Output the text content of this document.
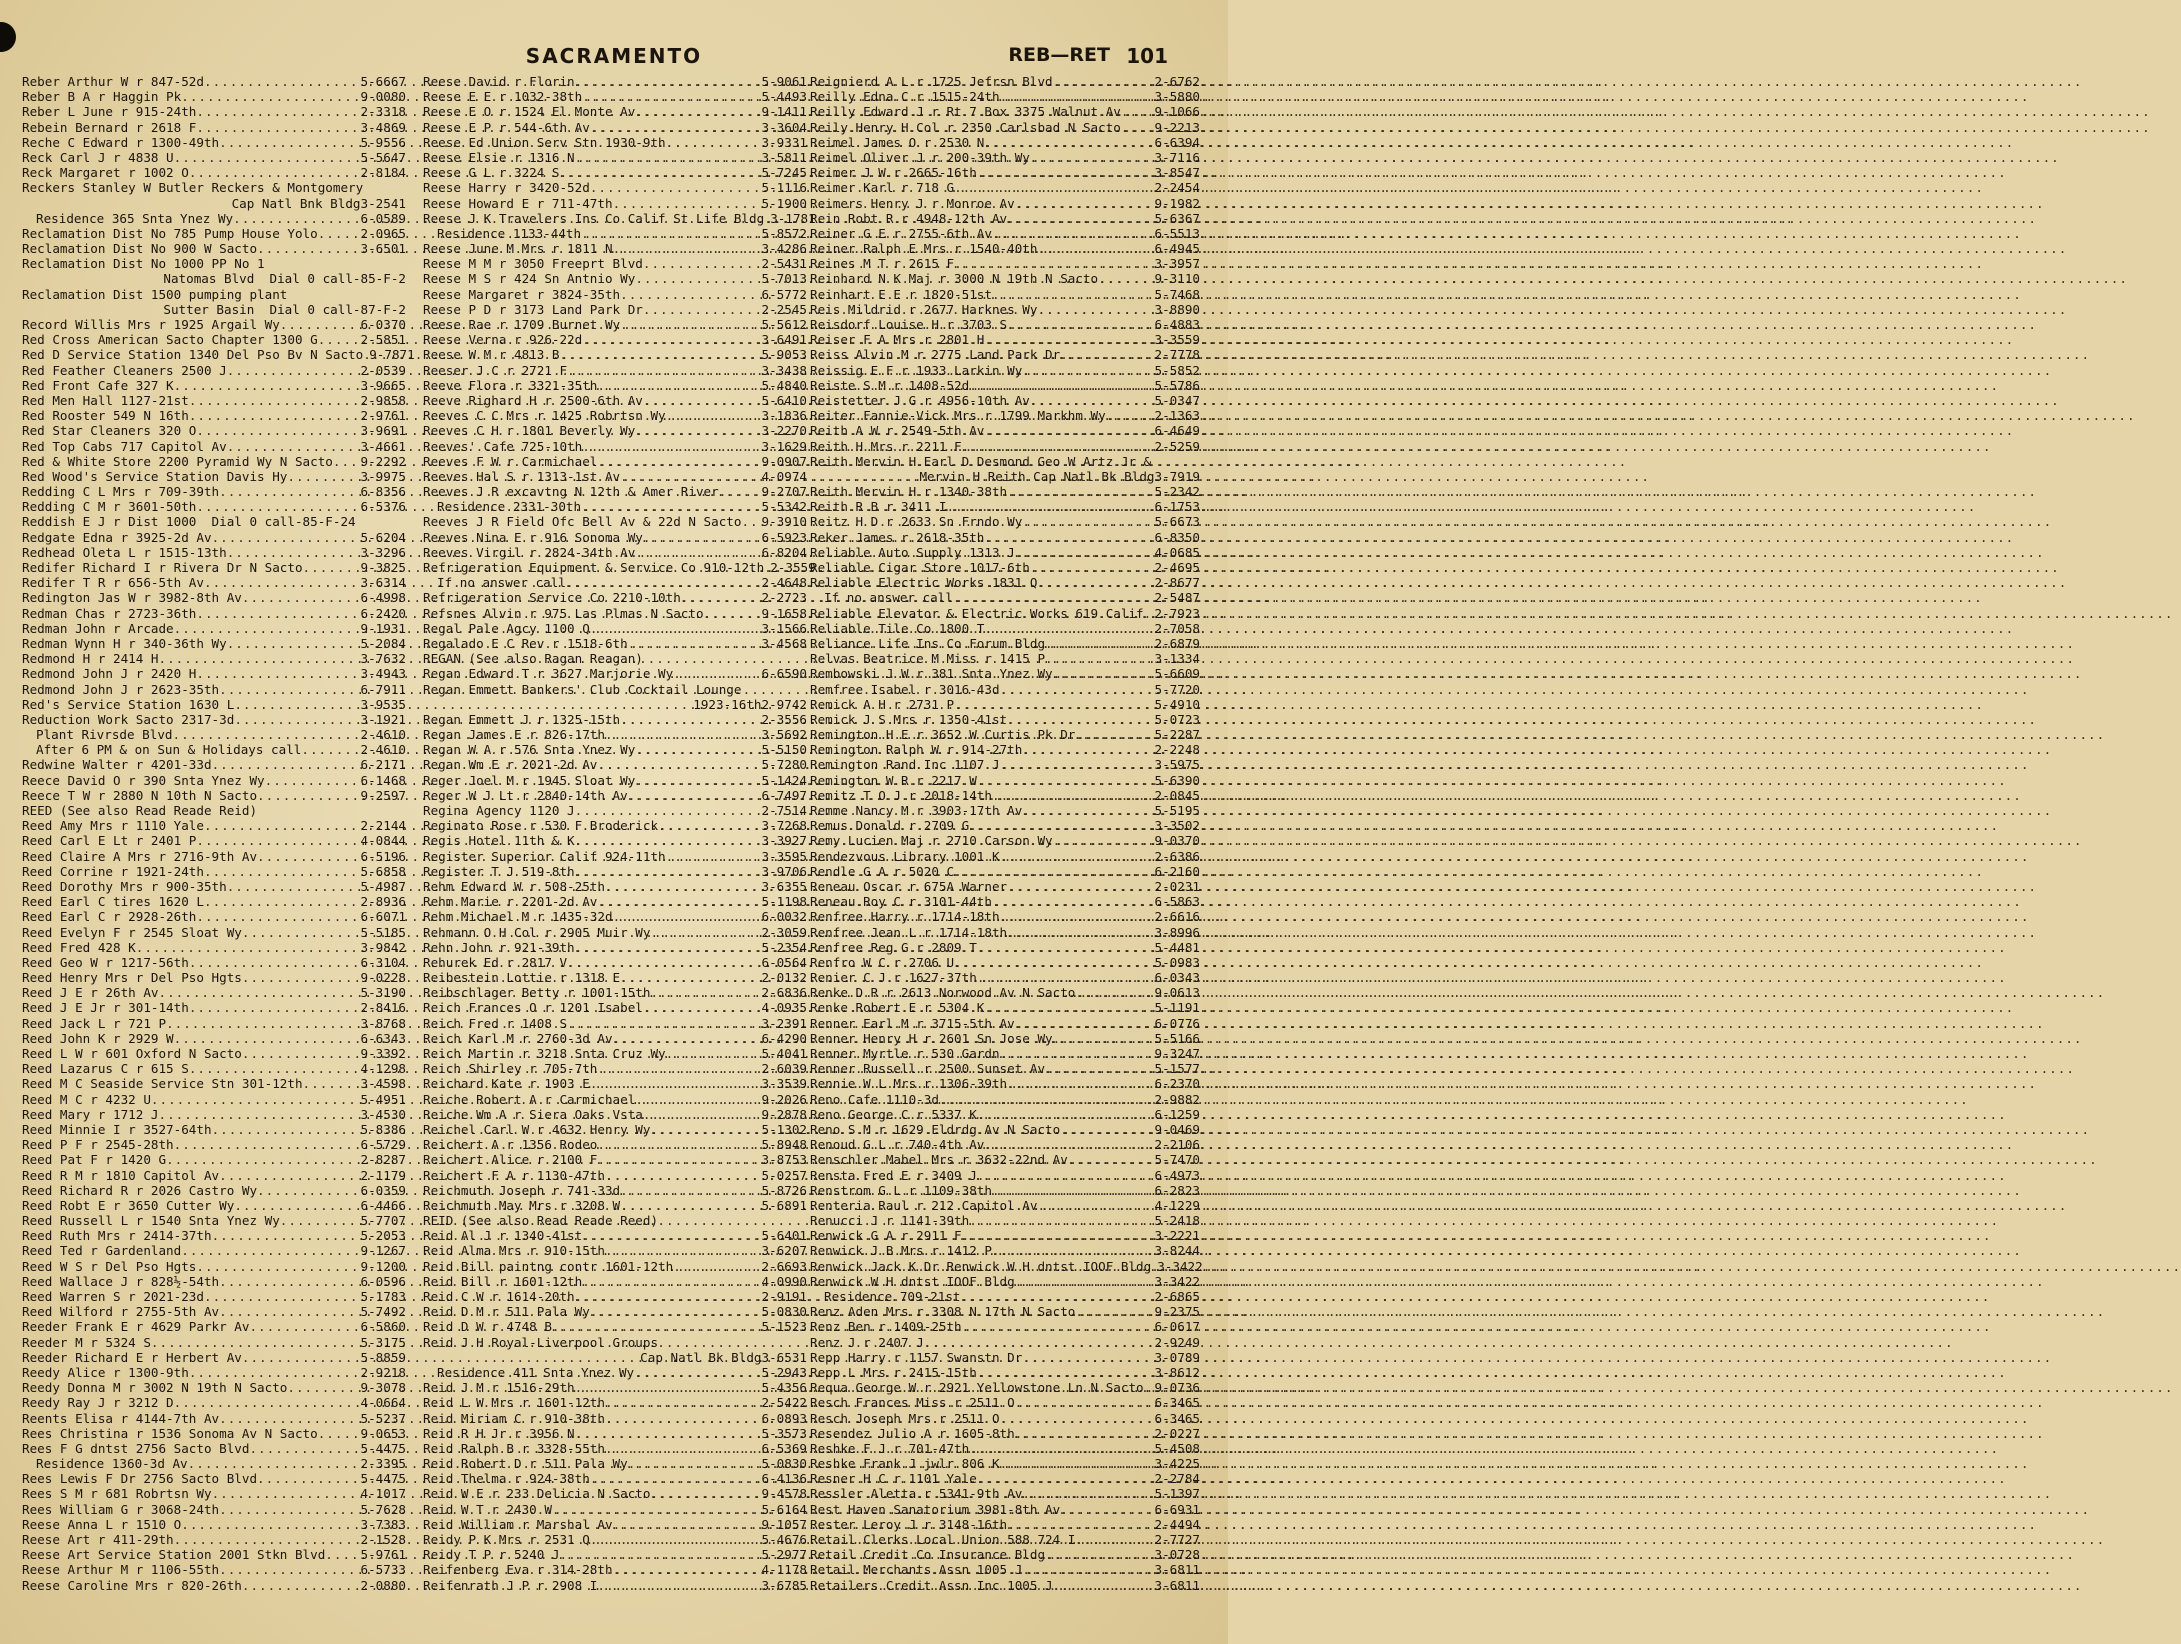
SACRAMENTO	REB—RET 101
Reber Arthur W r 847-52d .....	5-6667
Reber B A r Haggin Pk .....	9-0080
Reber L June r 915-24th .....	2-3318
Rebein Bernard r 2618 F .....	3-4869
Reche C Edward r 1300-49th .....	5-9556
Reck Carl J r 4838 U .....	5-5647
Reck Margaret r 1002 O .....	2-8184
Reckers Stanley W Butler Reckers & Montgomery
Cap Natl Bnk Bldg 3-2541
Residence 365 Snta Ynez Wy .....	6-0589
Reclamation Dist No 785 Pump House Yolo .....	2-0965
Reclamation Dist No 900 W Sacto .....	3-6501
Reclamation Dist No 1000 PP No 1
Natomas Blvd  Dial 0 call-85-F-2
Reclamation Dist 1500 pumping plant
Sutter Basin  Dial 0 call-87-F-2
Record Willis Mrs r 1925 Argail Wy .....	6-0370
Red Cross American Sacto Chapter 1300 G .....	2-5851
Red D Service Station 1340 Del Pso Bv N Sacto ..... 9-7871
Red Feather Cleaners 2500 J .....	2-0539
Red Front Cafe 327 K .....	3-9665
Red Men Hall 1127-21st .....	2-9858
Red Rooster 549 N 16th .....	2-9761
Red Star Cleaners 320 O .....	3-9691
Red Top Cabs 717 Capitol Av .....	3-4661
Red & White Store 2200 Pyramid Wy N Sacto ..... 9-2292
Red Wood's Service Station Davis Hy .....	3-9975
Redding C L Mrs r 709-39th .....	6-8356
Redding C M r 3601-50th .....	6-5376
Reddish E J r Dist 1000  Dial 0 call-85-F-24
Redgate Edna r 3925-2d Av .....	5-6204
Redhead Oleta L r 1515-13th .....	3-3296
Redifer Richard I r Rivera Dr N Sacto .....	9-3825
Redifer T R r 656-5th Av .....	3-6314
Redington Jas W r 3982-8th Av .....	6-4998
Redman Chas r 2723-36th .....	6-2420
Redman John r Arcade .....	9-1931
Redman Wynn H r 340-36th Wy .....	5-2084
Redmond H r 2414 H .....	3-7632
Redmond John J r 2420 H .....	3-4943
Redmond John J r 2623-35th .....	6-7911
Red's Service Station 1630 L .....	3-9535
Reduction Work Sacto 2317-3d .....	3-1921
Plant Rivrsde Blvd .....	2-4610
After 6 PM & on Sun & Holidays call .....	2-4610
Redwine Walter r 4201-33d .....	6-2171
Reece David O r 390 Snta Ynez Wy .....	6-1468
Reece T W r 2880 N 10th N Sacto .....	9-2597
REED (See also Read Reade Reid)
Reed Amy Mrs r 1110 Yale .....	2-2144
Reed Carl E Lt r 2401 P .....	4-0844
Reed Claire A Mrs r 2716-9th Av .....	6-5196
Reed Corrine r 1921-24th .....	5-6858
Reed Dorothy Mrs r 900-35th .....	5-4987
Reed Earl C tires 1620 L .....	2-8936
Reed Earl C r 2928-26th .....	6-6071
Reed Evelyn F r 2545 Sloat Wy .....	5-5185
Reed Fred 428 K .....	3-9842
Reed Geo W r 1217-56th .....	6-3104
Reed Henry Mrs r Del Pso Hgts .....	9-0228
Reed J E r 26th Av .....	5-3190
Reed J E Jr r 301-14th .....	2-8416
Reed Jack L r 721 P .....	3-8768
Reed John K r 2929 W .....	6-6343
Reed L W r 601 Oxford N Sacto .....	9-3392
Reed Lazarus C r 615 S .....	4-1298
Reed M C Seaside Service Stn 301-12th .....	3-4598
Reed M C r 4232 U .....	5-4951
Reed Mary r 1712 J .....	3-4530
Reed Minnie I r 3527-64th .....	5-8386
Reed P F r 2545-28th .....	6-5729
Reed Pat F r 1420 G .....	2-8287
Reed R M r 1810 Capitol Av .....	2-1179
Reed Richard R r 2026 Castro Wy .....	6-0359
Reed Robt E r 3650 Cutter Wy .....	6-4466
Reed Russell L r 1540 Snta Ynez Wy .....	5-7707
Reed Ruth Mrs r 2414-37th .....	5-2053
Reed Ted r Gardenland .....	9-1267
Reed W S r Del Pso Hgts .....	9-1200
Reed Wallace J r 828½-54th .....	6-0596
Reed Warren S r 2021-23d .....	5-1783
Reed Wilford r 2755-5th Av .....	5-7492
Reeder Frank E r 4629 Parkr Av .....	6-5860
Reeder M r 5324 S .....	5-3175
Reeder Richard E r Herbert Av .....	5-8859
Reedy Alice r 1300-9th .....	2-9218
Reedy Donna M r 3002 N 19th N Sacto .....	9-3078
Reedy Ray J r 3212 D .....	4-0664
Reents Elisa r 4144-7th Av .....	5-5237
Rees Christina r 1536 Sonoma Av N Sacto .....	9-0653
Rees F G dntst 2756 Sacto Blvd .....	5-4475
Residence 1360-3d Av .....	2-3395
Rees Lewis F Dr 2756 Sacto Blvd .....	5-4475
Rees S M r 681 Robrtsn Wy .....	4-1017
Rees William G r 3068-24th .....	5-7628
Reese Anna L r 1510 O .....	3-7383
Reese Art r 411-29th .....	2-1528
Reese Art Service Station 2001 Stkn Blvd .....	5-9761
Reese Arthur M r 1106-55th .....	6-5733
Reese Caroline Mrs r 820-26th .....	2-0880
Reese David r Florin .....	5-9061
Reese E E r 1032-38th .....	5-4493
Reese E O r 1524 El Monte Av .....	9-1411
Reese E P r 544-6th Av .....	3-3604
Reese Ed Union Serv Stn 1930-9th .....	3-9331
Reese Elsie r 1316 N .....	3-5811
Reese G L r 3224 S .....	5-7245
Reese Harry r 3420-52d .....	5-1116
Reese Howard E r 711-47th .....	5-1900
Reese J K Travelers Ins Co Calif St Life Bldg ..... 3-1781
Residence 1133-44th .....	5-8572
Reese June M Mrs r 1811 N .....	3-4286
Reese M M r 3050 Freeprt Blvd .....	2-5431
Reese M S r 424 Sn Antnio Wy .....	5-7013
Reese Margaret r 3824-35th .....	6-5772
Reese P D r 3173 Land Park Dr .....	2-2545
Reese Rae r 1709 Burnet Wy .....	5-5612
Reese Verna r 926-22d .....	3-6491
Reese W M r 4813 B .....	5-9053
Reeser J C r 2721 F .....	3-3438
Reeve Flora r 3321-35th .....	5-4840
Reeve Righard H r 2500-6th Av .....	5-6410
Reeves C C Mrs r 1425 Robrtsn Wy .....	3-1836
Reeves C H r 1801 Beverly Wy .....	3-2270
Reeves' Cafe 725-10th .....	3-1629
Reeves F W r Carmichael .....	9-0907
Reeves Hal S r 1313-1st Av .....	4-0974
Reeves J R excavtng N 12th & Amer River .....	9-2707
Residence 2331-30th .....	5-5342
Reeves J R Field Ofc Bell Av & 22d N Sacto ..... 9-3910
Reeves Nina E r 916 Sonoma Wy .....	6-5923
Reeves Virgil r 2824-34th Av .....	6-8204
Refrigeration Equipment & Service Co 910-12th ..... 2-3559
If no answer call .....	2-4648
Refrigeration Service Co 2210-10th .....	2-2723
Refsnes Alvin r 975 Las Plmas N Sacto .....	9-1658
Regal Pale Agcy 1100 Q .....	3-1566
Regalado E C Rev r 1518-6th .....	3-4568
REGAN (See also Ragan Reagan)
Regan Edward T r 3627 Marjorie Wy .....	6-6590
Regan Emmett Bankers' Club Cocktail Lounge
1923-16th 2-9742
Regan Emmett J r 1325-15th .....	2-3556
Regan James E r 826-17th .....	3-5692
Regan W A r 576 Snta Ynez Wy .....	5-5150
Regan Wm E r 2021-2d Av .....	5-7280
Reger Joel M r 1945 Sloat Wy .....	5-1424
Reger W J Lt r 2840-14th Av .....	6-7497
Regina Agency 1120 J .....	2-7514
Reginato Rose r 530 F Broderick .....	3-7268
Regis Hotel 11th & K .....	3-3927
Register Superior Calif 924-11th .....	3-3595
Register T J 519-8th .....	3-9706
Rehm Edward W r 508-25th .....	3-6355
Rehm Marie r 2201-2d Av .....	5-1198
Rehm Michael M r 1435-32d .....	6-0032
Rehmann O H Col r 2905 Muir Wy .....	2-3059
Rehn John r 921-39th .....	5-2354
Rehurek Ed r 2817 V .....	6-0564
Reibestein Lottie r 1318 E .....	2-0132
Reibschlager Betty r 1001-15th .....	2-6836
Reich Frances O r 1201 Isabel .....	4-0935
Reich Fred r 1408 S .....	3-2391
Reich Karl M r 2760-3d Av .....	6-4290
Reich Martin r 3218 Snta Cruz Wy .....	5-4041
Reich Shirley r 705-7th .....	2-6039
Reichard Kate r 1903 E .....	3-3539
Reiche Robert A r Carmichael .....	9-2026
Reiche Wm A r Siera Oaks Vsta .....	9-2878
Reichel Carl W r 4632 Henry Wy .....	5-1302
Reichert A r 1356 Rodeo .....	5-8948
Reichert Alice r 2100 F .....	3-8753
Reichert F A r 1130-47th .....	5-0257
Reichmuth Joseph r 741-33d .....	5-8726
Reichmuth May Mrs r 3208 W .....	5-6891
REID (See also Read Reade Reed)
Reid Al J r 1340-41st .....	5-6401
Reid Alma Mrs r 910-15th .....	3-6207
Reid Bill paintng contr 1601-12th .....	2-6693
Reid Bill r 1601-12th .....	4-0990
Reid C W r 1614-20th .....	2-9191
Reid D M r 511 Pala Wy .....	5-0830
Reid D W r 4748 B .....	5-1523
Reid J H Royal-Liverpool Groups
Cap Natl Bk Bldg 3-6531
Residence 411 Snta Ynez Wy .....	5-2943
Reid J M r 1516-29th .....	5-4356
Reid L W Mrs r 1601-12th .....	2-5422
Reid Miriam C r 910-38th .....	6-0893
Reid R H Jr r 3956 N .....	5-3573
Reid Ralph B r 3328-55th .....	6-5369
Reid Robert D r 511 Pala Wy .....	5-0830
Reid Thelma r 924-38th .....	6-4136
Reid W E r 233 Delicia N Sacto .....	9-4578
Reid W T r 2430 W .....	5-6164
Reid William r Marshal Av .....	9-1057
Reidy P K Mrs r 2531 Q .....	5-4676
Reidy T P r 5240 J .....	5-2977
Reifenberg Eva r 314-28th .....	4-1178
Reifenrath J P r 2908 I .....	3-6785
Reignierd A L r 1725 Jefrsn Blvd .....	2-6762
Reilly Edna C r 1515-24th .....	3-5880
Reilly Edward J r Rt 7 Box 3375 Walnut Av .....	9-1066
Reily Henry H Col r 2350 Carlsbad N Sacto .....	9-2213
Reimel James O r 2530 N .....	6-6394
Reimel Oliver J r 200-39th Wy .....	3-7116
Reimer J W r 2665-16th .....	3-8547
Reimer Karl r 718 G .....	2-2454
Reimers Henry J r Monroe Av .....	9-1982
Rein Robt R r 4948-12th Av .....	5-6367
Reiner G E r 2755-6th Av .....	6-5513
Reiner Ralph E Mrs r 1540-40th .....	6-4945
Reines M T r 2615 F .....	3-3957
Reinhard N K Maj r 3000 N 19th N Sacto .....	9-3110
Reinhart E E r 1820-51st .....	5-7468
Reis Mildrid r 2677 Harknes Wy .....	3-8890
Reisdorf Louise H r 3703 S .....	6-4883
Reiser F A Mrs r 2801 H .....	3-3559
Reiss Alvin M r 2775 Land Park Dr .....	2-7778
Reissig E F r 1933 Larkin Wy .....	5-5852
Reiste S M r 1408-52d .....	5-5786
Reistetter J G r 4956-10th Av .....	5-0347
Reiter Fannie-Vick Mrs r 1799 Markhm Wy .....	2-1363
Reith A W r 2549-5th Av .....	6-4649
Reith H Mrs r 2211 F .....	2-5259
Reith Mervin H Earl D Desmond Geo W Artz Jr &
Mervin H Reith Cap Natl Bk Bldg 3-7919
Reith Mervin H r 1340-38th .....	5-2342
Reith R B r 3411 I .....	6-1753
Reitz H D r 2633 Sn Frndo Wy .....	5-6673
Reker James r 2618-35th .....	6-8350
Reliable Auto Supply 1313 J .....	4-0685
Reliable Cigar Store 1017-6th .....	2-4695
Reliable Electric Works 1831 Q .....	2-8677
If no answer call .....	2-5487
Reliable Elevator & Electric Works 619 Calif ..... 2-7923
Reliable Tile Co 1800 T .....	2-7058
Reliance Life Ins Co Forum Bldg .....	2-6879
Relvas Beatrice M Miss r 1415 P .....	3-1334
Rembowski J W r 381 Snta Ynez Wy .....	5-6609
Remfree Isabel r 3016-43d .....	5-7720
Remick A H r 2731 P .....	5-4910
Remick J S Mrs r 1350-41st .....	5-0723
Remington H E r 3652 W Curtis Pk Dr .....	5-2287
Remington Ralph W r 914-27th .....	2-2248
Remington Rand Inc 1107 J .....	3-5975
Remington W R r 2217 W .....	5-6390
Remitz T O J r 2018-14th .....	2-0845
Remme Nancy M r 3903-17th Av .....	5-5195
Remus Donald r 2709 G .....	3-3502
Remy Lucien Maj r 2710 Carson Wy .....	9-0370
Rendezvous Library 1001 K .....	2-6386
Rendle G A r 5020 C .....	6-2160
Reneau Oscar r 675A Warner .....	2-0231
Reneau Roy C r 3101-44th .....	6-5863
Renfree Harry r 1714-18th .....	2-6616
Renfree Jean L r 1714-18th .....	3-8996
Renfree Reg G r 2809 T .....	5-4481
Renfro W C r 2706 U .....	5-0983
Renier C J r 1627-37th .....	6-0343
Renke D R r 2613 Norwood Av N Sacto .....	9-0613
Renke Robert E r 5304 K .....	5-1191
Renner Earl M r 3715-5th Av .....	6-0776
Renner Henry H r 2601 Sn Jose Wy .....	5-5166
Renner Myrtle r 530 Gardn .....	9-3247
Renner Russell r 2500 Sunset Av .....	5-1577
Rennie W L Mrs r 1306-39th .....	6-2370
Reno Cafe 1110-3d .....	2-9882
Reno George C r 5337 K .....	6-1259
Reno S M r 1629 Eldrdg Av N Sacto .....	9-0469
Renoud G L r 740-4th Av .....	2-2106
Renschler Mabel Mrs r 3632-22nd Av .....	5-7470
Rensta Fred E r 3409 J .....	6-4973
Renstrom G L r 1109-38th .....	6-2823
Renteria Raul r 212 Capitol Av .....	4-1229
Renucci J r 1141-39th .....	5-2418
Renwick G A r 2911 F .....	3-2221
Renwick J B Mrs r 1412 P .....	3-8244
Renwick Jack K Dr Renwick W H dntst IOOF Bldg ..... 3-3422
Renwick W H dntst IOOF Bldg .....	3-3422
Residence 709-21st .....	2-6865
Renz Aden Mrs r 3308 N 17th N Sacto .....	9-2375
Renz Ben r 1409-25th .....	6-0617
Renz J r 2407 J .....	2-9249
Repp Harry r 1157 Swanstn Dr .....	3-0789
Repp L Mrs r 2415-15th .....	3-8612
Requa George W r 2921 Yellowstone Ln N Sacto ..... 9-0736
Resch Frances Miss r 2511 O .....	6-3465
Resch Joseph Mrs r 2511 O .....	6-3465
Resendez Julio A r 1605-8th .....	2-0227
Reshke F J r 701-47th .....	5-4508
Reshke Frank J jwlr 806 K .....	3-4225
Resner H C r 1101 Yale .....	2-2784
Ressler Aletta r 5341-9th Av .....	5-1397
Rest Haven Sanatorium 3981-8th Av .....	6-6931
Rester Leroy J r 3148-16th .....	2-4494
Retail Clerks Local Union 588 724 I .....	2-7727
Retail Credit Co Insurance Bldg .....	3-0728
Retail Merchants Assn 1005 J .....	3-6811
Retailers Credit Assn Inc 1005 J .....	3-6811
